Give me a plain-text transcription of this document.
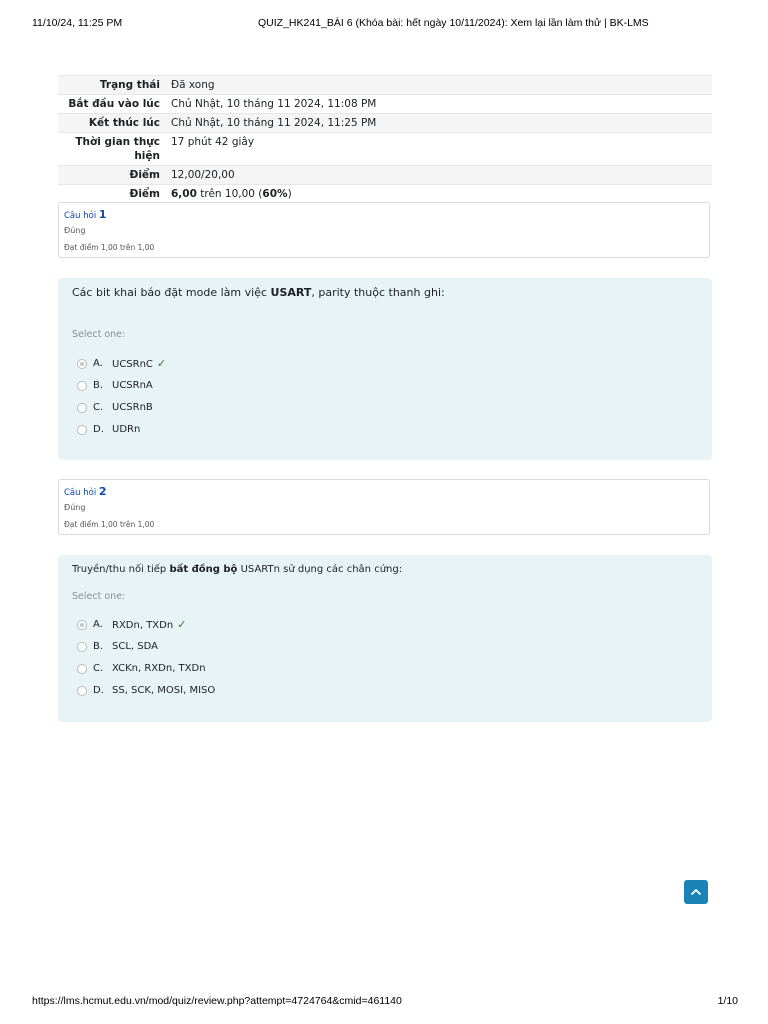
11/10/24, 11:25 PM	QUIZ_HK241_BÀI 6 (Khóa bài: hết ngày 10/11/2024): Xem lại lần làm thử | BK-LMS
Trạng thái	Đã xong
Bắt đầu vào lúc	Chủ Nhật, 10 tháng 11 2024, 11:08 PM
Kết thúc lúc	Chủ Nhật, 10 tháng 11 2024, 11:25 PM
Thời gian thực hiện	17 phút 42 giây
Điểm	12,00/20,00
Điểm	6,00 trên 10,00 (60%)
Câu hỏi 1
Đúng
Đạt điểm 1,00 trên 1,00
Các bit khai báo đặt mode làm việc USART, parity thuộc thanh ghi:
Select one:
A. UCSRnC ✓
B. UCSRnA
C. UCSRnB
D. UDRn
Câu hỏi 2
Đúng
Đạt điểm 1,00 trên 1,00
Truyền/thu nối tiếp bất đồng bộ USARTn sử dụng các chân cứng:
Select one:
A. RXDn, TXDn ✓
B. SCL, SDA
C. XCKn, RXDn, TXDn
D. SS, SCK, MOSI, MISO
https://lms.hcmut.edu.vn/mod/quiz/review.php?attempt=4724764&cmid=461140	1/10
